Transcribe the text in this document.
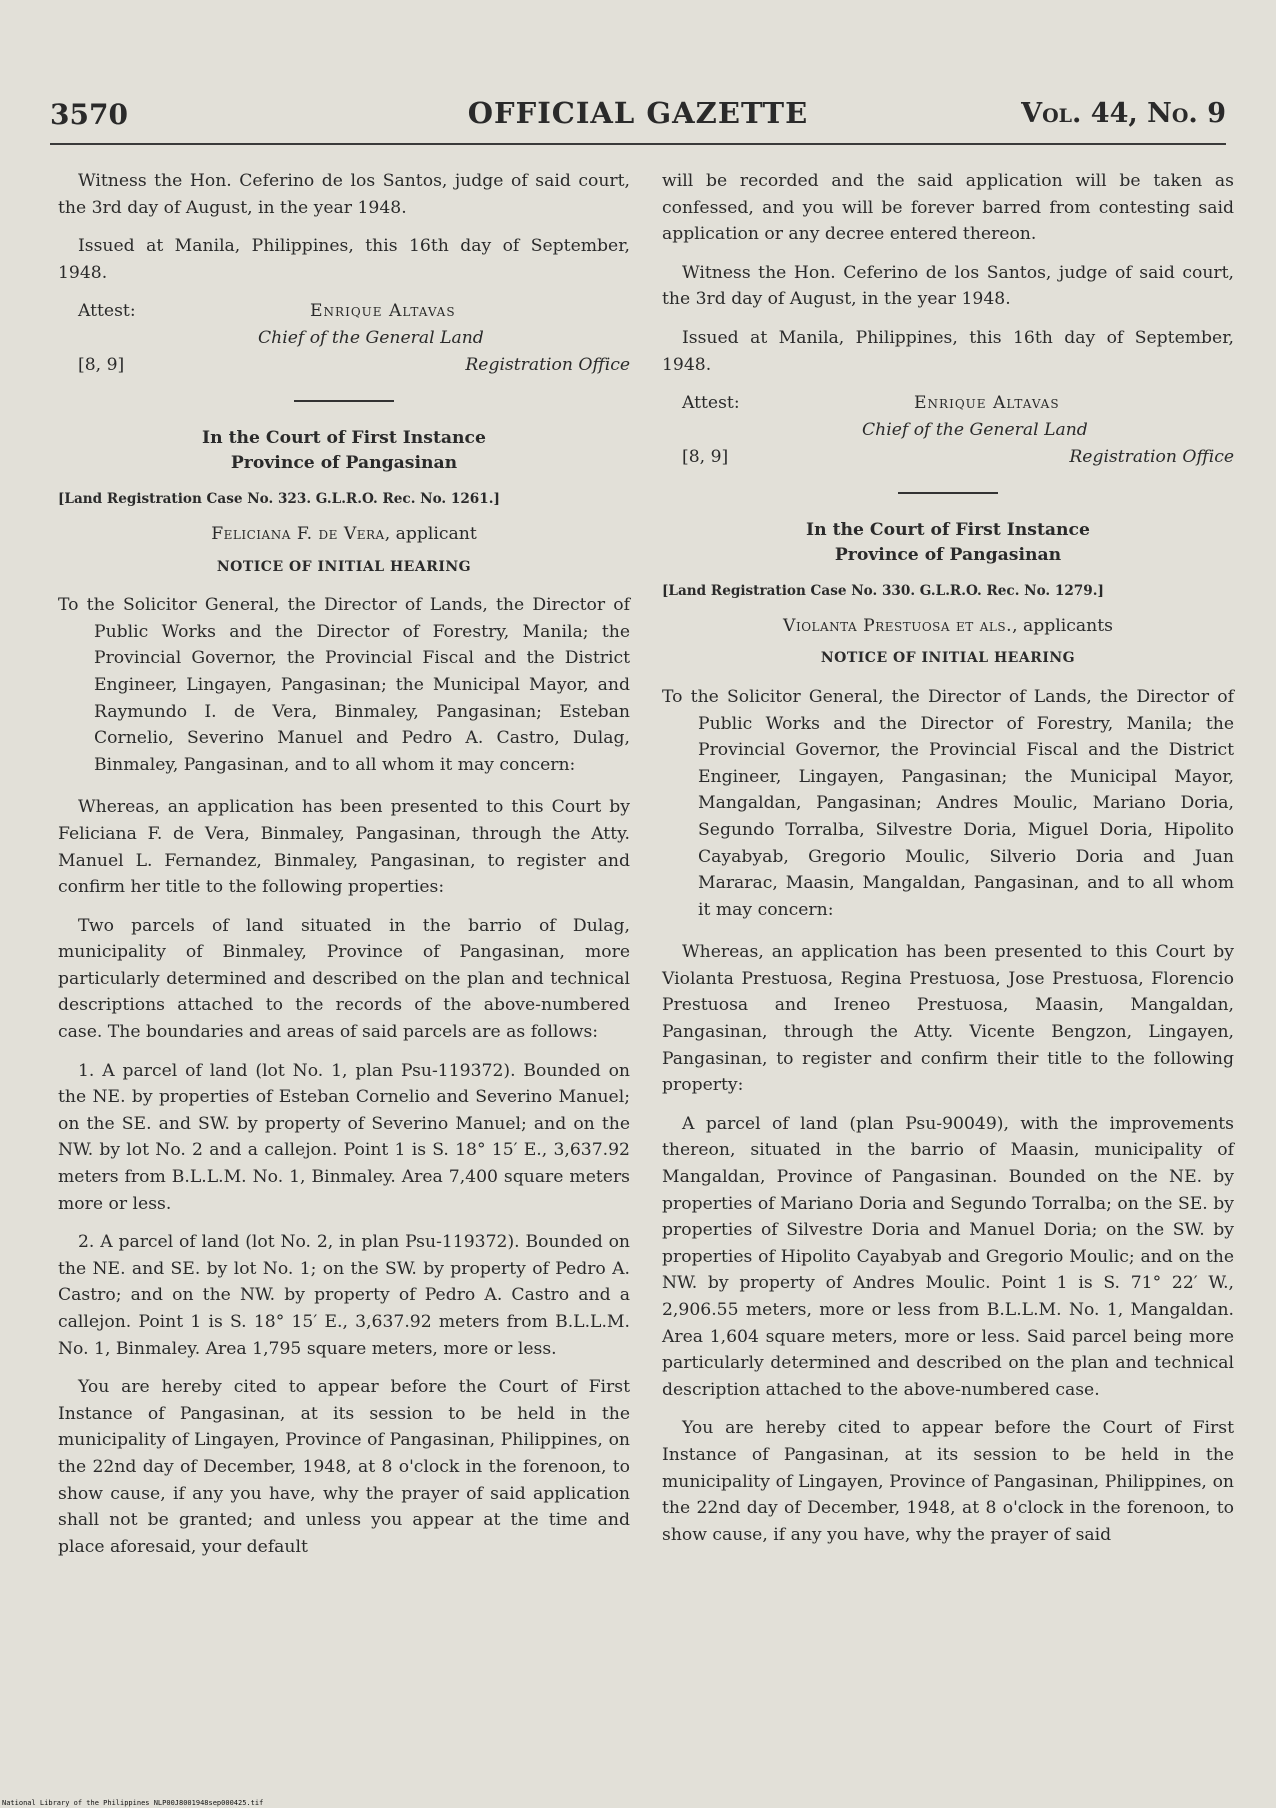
3570	OFFICIAL GAZETTE	Vol. 44, No. 9

Witness the Hon. Ceferino de los Santos, judge of said court, the 3rd day of August, in the year 1948.

Issued at Manila, Philippines, this 16th day of September, 1948.

Attest:	Enrique Altavas
Chief of the General Land
[8, 9]	Registration Office
In the Court of First Instance
Province of Pangasinan
[Land Registration Case No. 323. G.L.R.O. Rec. No. 1261.]
Feliciana F. de Vera, applicant
NOTICE OF INITIAL HEARING
To the Solicitor General, the Director of Lands, the Director of Public Works and the Director of Forestry, Manila; the Provincial Governor, the Provincial Fiscal and the District Engineer, Lingayen, Pangasinan; the Municipal Mayor, and Raymundo I. de Vera, Binmaley, Pangasinan; Esteban Cornelio, Severino Manuel and Pedro A. Castro, Dulag, Binmaley, Pangasinan, and to all whom it may concern:

Whereas, an application has been presented to this Court by Feliciana F. de Vera, Binmaley, Pangasinan, through the Atty. Manuel L. Fernandez, Binmaley, Pangasinan, to register and confirm her title to the following properties:

Two parcels of land situated in the barrio of Dulag, municipality of Binmaley, Province of Pangasinan, more particularly determined and described on the plan and technical descriptions attached to the records of the above-numbered case. The boundaries and areas of said parcels are as follows:

1. A parcel of land (lot No. 1, plan Psu-119372). Bounded on the NE. by properties of Esteban Cornelio and Severino Manuel; on the SE. and SW. by property of Severino Manuel; and on the NW. by lot No. 2 and a callejon. Point 1 is S. 18° 15′ E., 3,637.92 meters from B.L.L.M. No. 1, Binmaley. Area 7,400 square meters more or less.

2. A parcel of land (lot No. 2, in plan Psu-119372). Bounded on the NE. and SE. by lot No. 1; on the SW. by property of Pedro A. Castro; and on the NW. by property of Pedro A. Castro and a callejon. Point 1 is S. 18° 15′ E., 3,637.92 meters from B.L.L.M. No. 1, Binmaley. Area 1,795 square meters, more or less.

You are hereby cited to appear before the Court of First Instance of Pangasinan, at its session to be held in the municipality of Lingayen, Province of Pangasinan, Philippines, on the 22nd day of December, 1948, at 8 o'clock in the forenoon, to show cause, if any you have, why the prayer of said application shall not be granted; and unless you appear at the time and place aforesaid, your default

will be recorded and the said application will be taken as confessed, and you will be forever barred from contesting said application or any decree entered thereon.

Witness the Hon. Ceferino de los Santos, judge of said court, the 3rd day of August, in the year 1948.

Issued at Manila, Philippines, this 16th day of September, 1948.

Attest:	Enrique Altavas
Chief of the General Land
[8, 9]	Registration Office
In the Court of First Instance
Province of Pangasinan
[Land Registration Case No. 330. G.L.R.O. Rec. No. 1279.]
Violanta Prestuosa et als., applicants
NOTICE OF INITIAL HEARING
To the Solicitor General, the Director of Lands, the Director of Public Works and the Director of Forestry, Manila; the Provincial Governor, the Provincial Fiscal and the District Engineer, Lingayen, Pangasinan; the Municipal Mayor, Mangaldan, Pangasinan; Andres Moulic, Mariano Doria, Segundo Torralba, Silvestre Doria, Miguel Doria, Hipolito Cayabyab, Gregorio Moulic, Silverio Doria and Juan Mararac, Maasin, Mangaldan, Pangasinan, and to all whom it may concern:

Whereas, an application has been presented to this Court by Violanta Prestuosa, Regina Prestuosa, Jose Prestuosa, Florencio Prestuosa and Ireneo Prestuosa, Maasin, Mangaldan, Pangasinan, through the Atty. Vicente Bengzon, Lingayen, Pangasinan, to register and confirm their title to the following property:

A parcel of land (plan Psu-90049), with the improvements thereon, situated in the barrio of Maasin, municipality of Mangaldan, Province of Pangasinan. Bounded on the NE. by properties of Mariano Doria and Segundo Torralba; on the SE. by properties of Silvestre Doria and Manuel Doria; on the SW. by properties of Hipolito Cayabyab and Gregorio Moulic; and on the NW. by property of Andres Moulic. Point 1 is S. 71° 22′ W., 2,906.55 meters, more or less from B.L.L.M. No. 1, Mangaldan. Area 1,604 square meters, more or less. Said parcel being more particularly determined and described on the plan and technical description attached to the above-numbered case.

You are hereby cited to appear before the Court of First Instance of Pangasinan, at its session to be held in the municipality of Lingayen, Province of Pangasinan, Philippines, on the 22nd day of December, 1948, at 8 o'clock in the forenoon, to show cause, if any you have, why the prayer of said

National Library of the Philippines NLP00J8001948sep000425.tif
